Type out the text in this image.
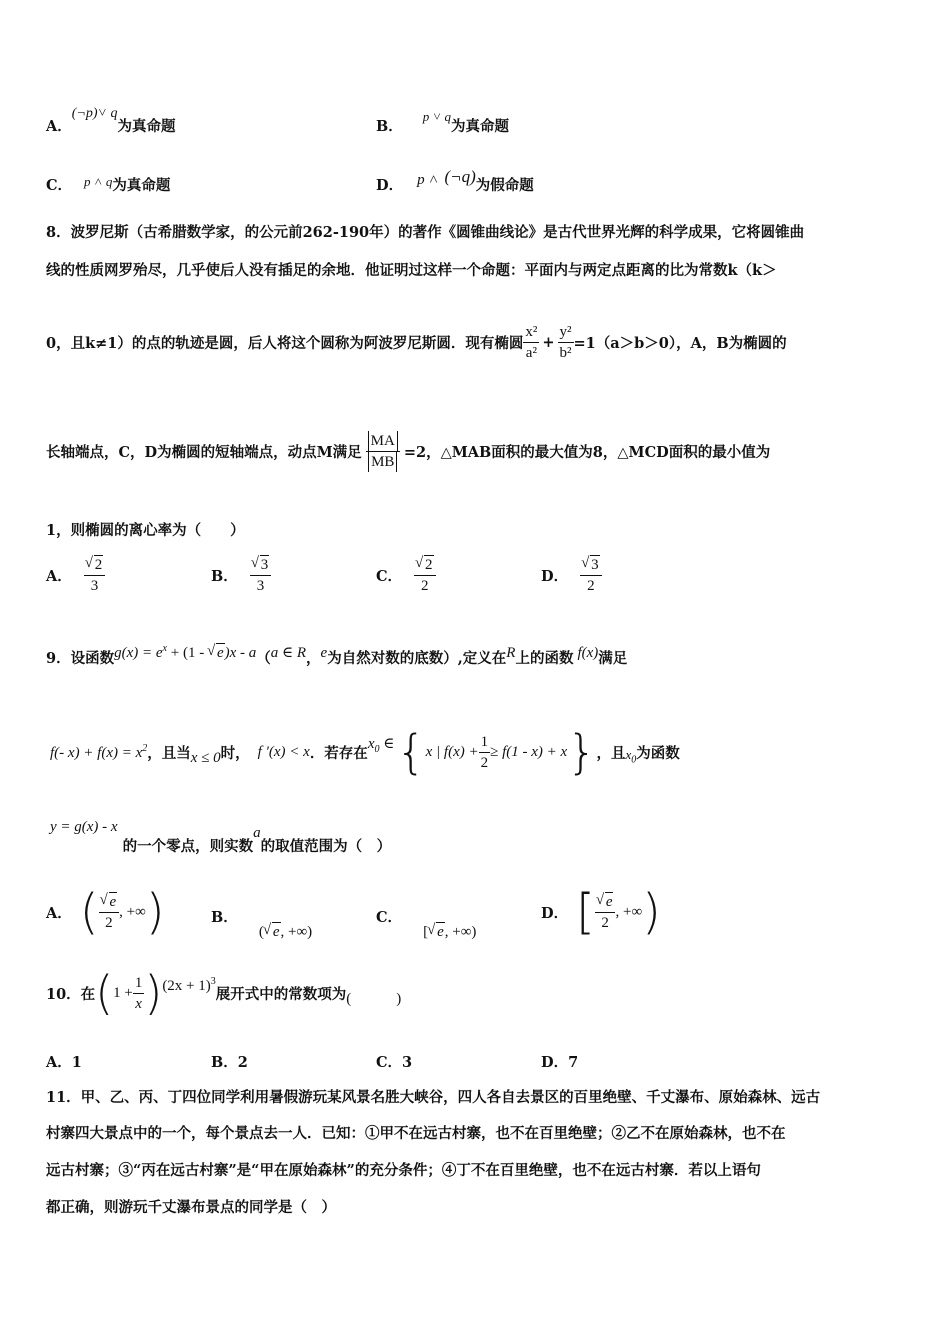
A．(¬p)˅ q为真命题	B．p ˅ q为真命题
C． p ˄ q为真命题	D． p ˄ (¬q)为假命题
8．波罗尼斯（古希腊数学家，的公元前262-190年）的著作《圆锥曲线论》是古代世界光辉的科学成果，它将圆锥曲
线的性质网罗殆尽，几乎使后人没有插足的余地．他证明过这样一个命题：平面内与两定点距离的比为常数k（k＞
0，且k≠1）的点的轨迹是圆，后人将这个圆称为阿波罗尼斯圆．现有椭圆 $\frac{\text{x²}}{\text{a²}} + \frac{\text{y²}}{\text{b²}} =1(a>b>0)$，A，B为椭圆的
长轴端点，C，D为椭圆的短轴端点，动点M满足 $\frac{MA}{MB} =2$，△MAB面积的最大值为8，△MCD面积的最小值为
1，则椭圆的离心率为（　　）
A． √ $\frac{2}{3}$	B． √ $\frac{3}{3}$	C． √ $\frac{2}{2}$	D． √ $\frac{3}{2}$
9．设函数$g(x) = e^x + (1$ - √ e)x - a（a ∈ R，e为自然对数的底数）,定义在R上的函数 f(x)满足
f(- $x) + f(x) = x^2$ ，且当 x ≤ 0 时， f ′(x) < x ．若存在
$x_0$ ∈ { x | $f(x) + \frac{1}{2} \ge f(1 - x) + x$ } ，且 $x_0$ 为函数
y = g(x) - x 的一个零点，则实数a的取值范围为（　）
A． ( √ $\frac{e}{2}$ , +∞ )	B． ( √ e, +∞)
C． [ √ e, +∞)
D． [ √ $\frac{e}{2}$ , +∞ )
10．在 ( $1 + \frac{1}{x}$ ) $(2x + 1)^3$
展开式中的常数项为 (　　　)
A．1	B．2	C．3	D．7
11．甲、乙、丙、丁四位同学利用暑假游玩某风景名胜大峡谷，四人各自去景区的百里绝壁、千丈瀑布、原始森林、远古
村寨四大景点中的一个，每个景点去一人．已知：①甲不在远古村寨，也不在百里绝壁；②乙不在原始森林，也不在
远古村寨；③“丙在远古村寨”是“甲在原始森林”的充分条件；④丁不在百里绝壁，也不在远古村寨．若以上语句
都正确，则游玩千丈瀑布景点的同学是（　）
